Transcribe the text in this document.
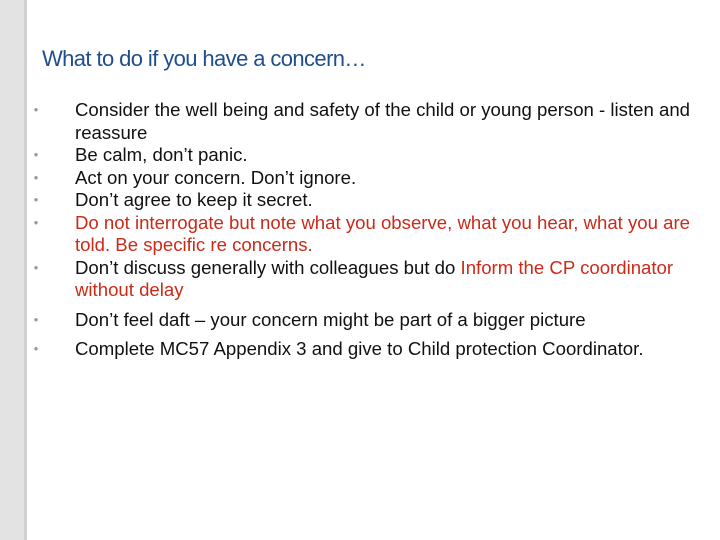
What to do if you have a concern…
• Consider the well being and safety of the child or young person - listen and reassure
• Be calm, don’t panic.
• Act on your concern. Don’t ignore.
• Don’t agree to keep it secret.
• Do not interrogate but note what you observe, what you hear, what you are told. Be specific re concerns.
• Don’t discuss generally with colleagues but do Inform the CP coordinator without delay
• Don’t feel daft – your concern might be part of a bigger picture
• Complete MC57 Appendix 3 and give to Child protection Coordinator.
